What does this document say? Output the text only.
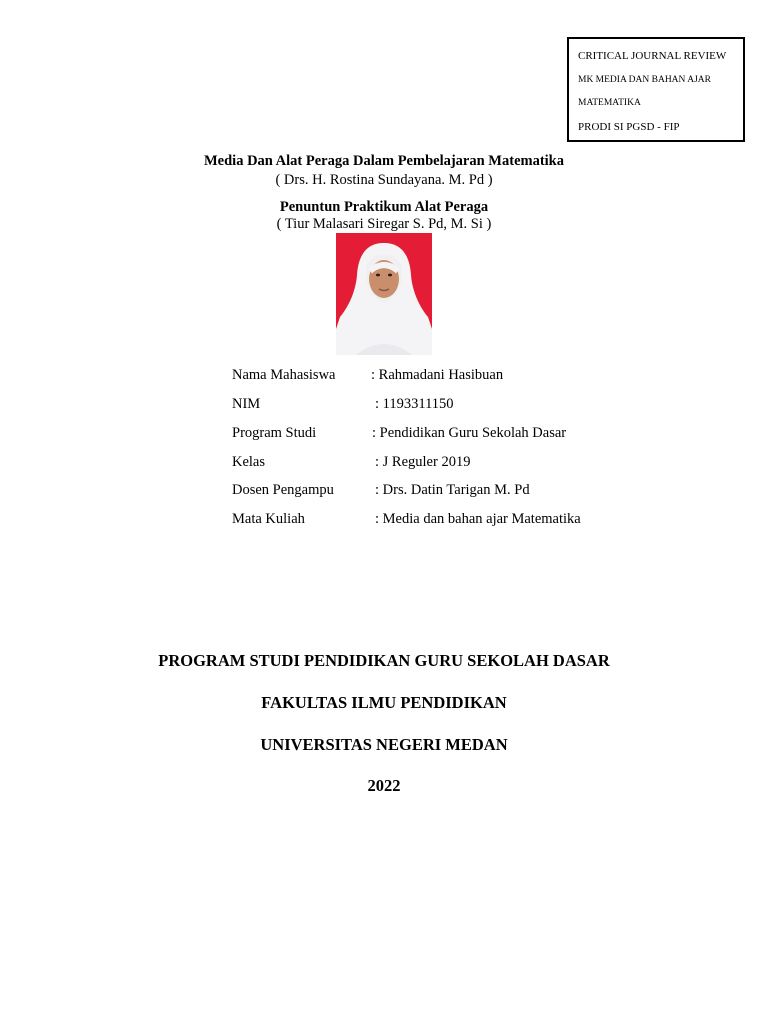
CRITICAL JOURNAL REVIEW
MK MEDIA DAN BAHAN AJAR
MATEMATIKA
PRODI SI PGSD - FIP
Media Dan Alat Peraga Dalam Pembelajaran Matematika
( Drs. H. Rostina Sundayana. M. Pd )
Penuntun Praktikum Alat Peraga
( Tiur Malasari Siregar S. Pd, M. Si )
Nama Mahasiswa : Rahmadani Hasibuan
NIM	: 1193311150
Program Studi	: Pendidikan Guru Sekolah Dasar
Kelas	: J Reguler 2019
Dosen Pengampu	: Drs. Datin Tarigan M. Pd
Mata Kuliah	: Media dan bahan ajar Matematika
PROGRAM STUDI PENDIDIKAN GURU SEKOLAH DASAR
FAKULTAS ILMU PENDIDIKAN
UNIVERSITAS NEGERI MEDAN
2022
